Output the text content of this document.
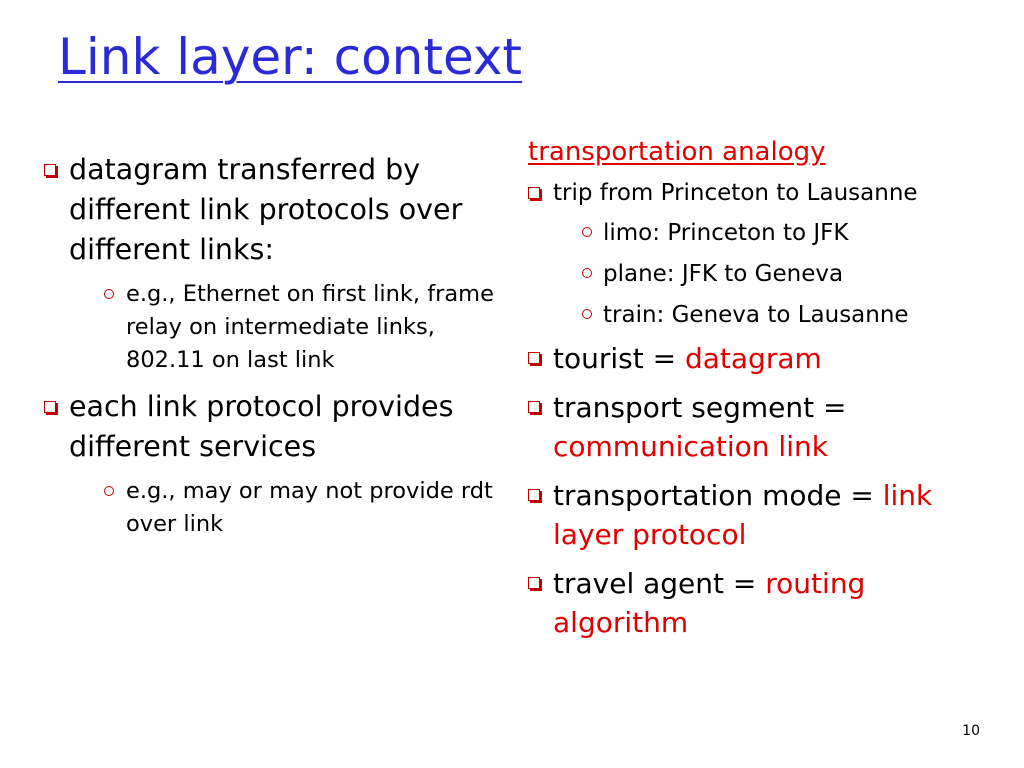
Link layer: context
datagram transferred by different link protocols over different links:
e.g., Ethernet on first link, frame relay on intermediate links, 802.11 on last link
each link protocol provides different services
e.g., may or may not provide rdt over link
transportation analogy
trip from Princeton to Lausanne
limo: Princeton to JFK
plane: JFK to Geneva
train: Geneva to Lausanne
tourist = datagram
transport segment = communication link
transportation mode = link layer protocol
travel agent = routing algorithm
10
